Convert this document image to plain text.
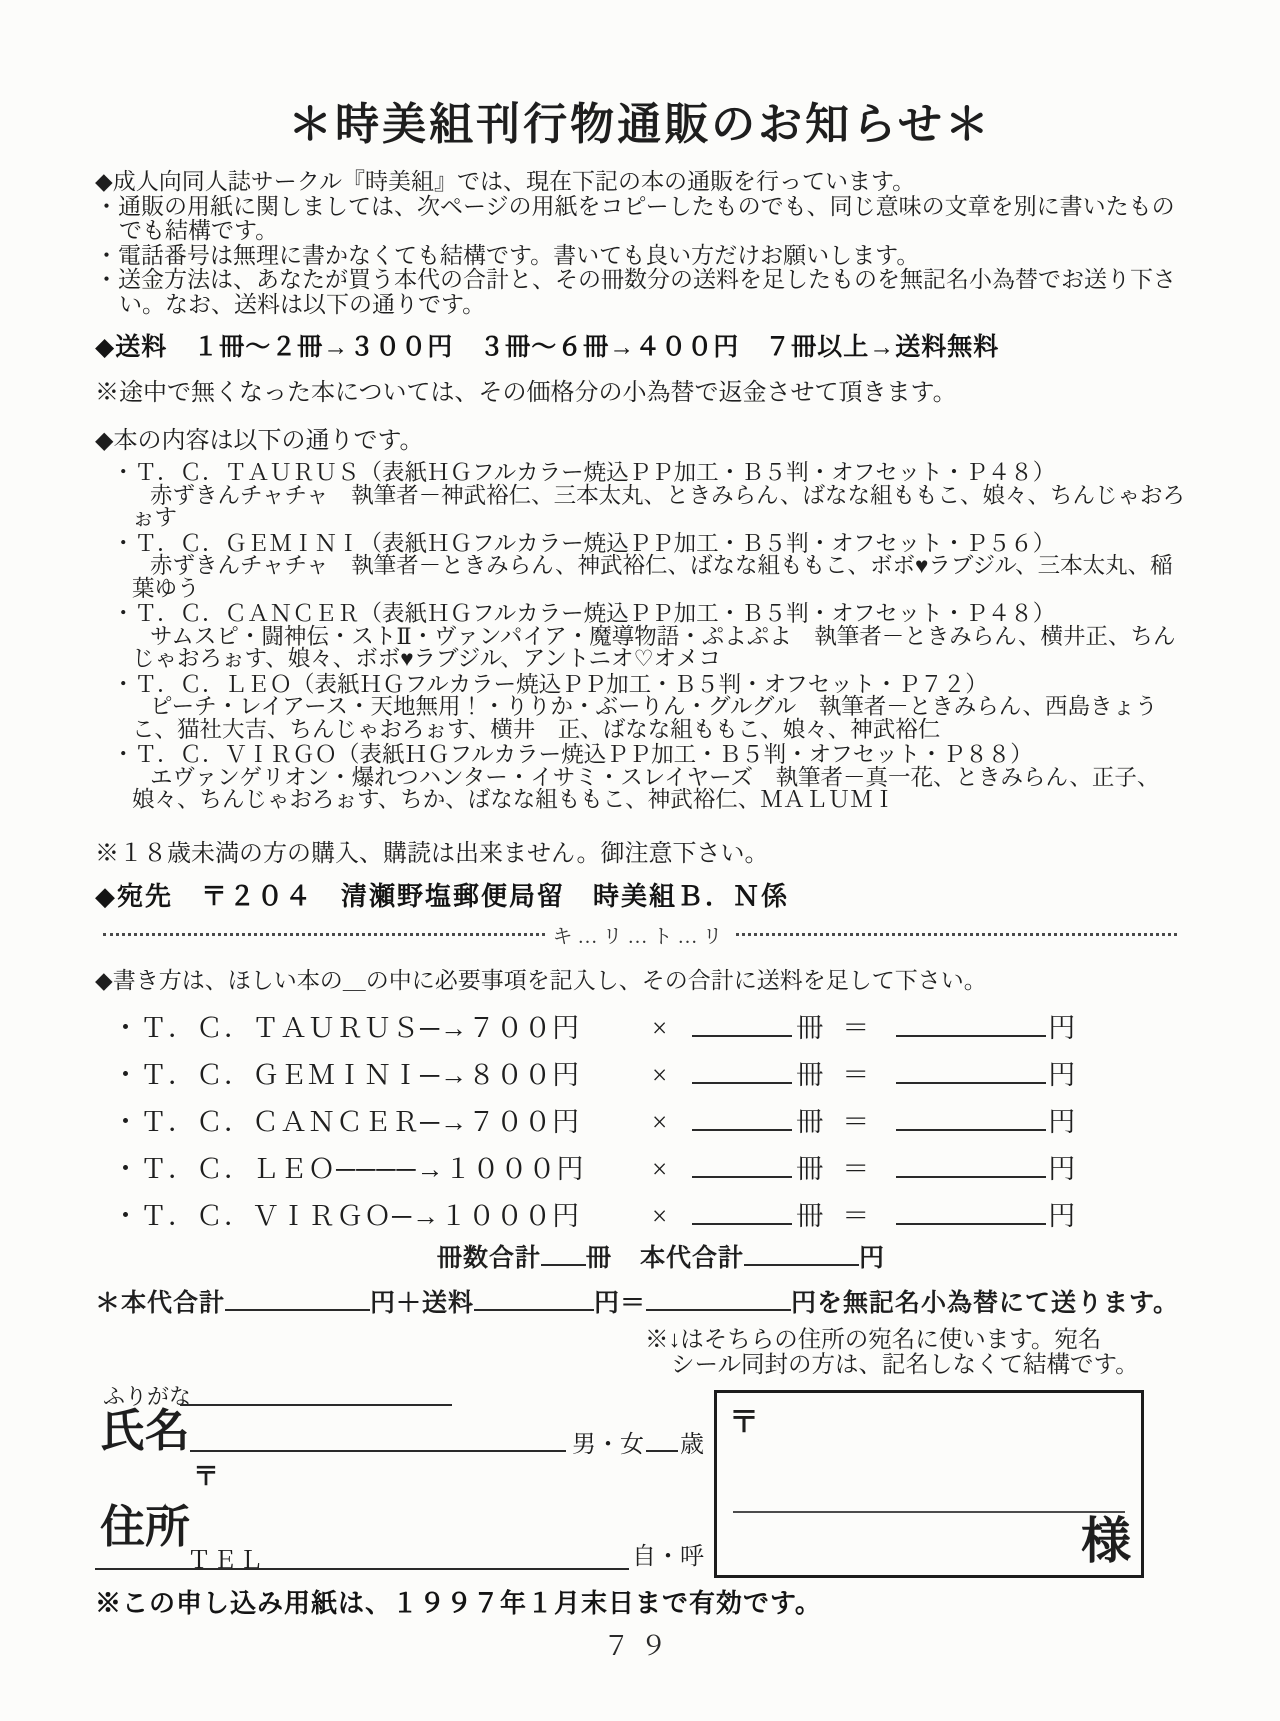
＊時美組刊行物通販のお知らせ＊
◆成人向同人誌サークル『時美組』では、現在下記の本の通販を行っています。
・通販の用紙に関しましては、次ページの用紙をコピーしたものでも、同じ意味の文章を別に書いたものでも結構です。
・電話番号は無理に書かなくても結構です。書いても良い方だけお願いします。
・送金方法は、あなたが買う本代の合計と、その冊数分の送料を足したものを無記名小為替でお送り下さい。なお、送料は以下の通りです。
◆送料　１冊～２冊→３００円　３冊～６冊→４００円　７冊以上→送料無料
※途中で無くなった本については、その価格分の小為替で返金させて頂きます。
◆本の内容は以下の通りです。
・Ｔ．Ｃ．ＴＡＵＲＵＳ（表紙ＨＧフルカラー焼込ＰＰ加工・Ｂ５判・オフセット・Ｐ４８）
赤ずきんチャチャ　執筆者－神武裕仁、三本太丸、ときみらん、ばなな組ももこ、娘々、ちんじゃおろぉす
・Ｔ．Ｃ．ＧＥＭＩＮＩ（表紙ＨＧフルカラー焼込ＰＰ加工・Ｂ５判・オフセット・Ｐ５６）
赤ずきんチャチャ　執筆者－ときみらん、神武裕仁、ばなな組ももこ、ボボ♥ラブジル、三本太丸、稲葉ゆう
・Ｔ．Ｃ．ＣＡＮＣＥＲ（表紙ＨＧフルカラー焼込ＰＰ加工・Ｂ５判・オフセット・Ｐ４８）
サムスピ・闘神伝・ストⅡ・ヴァンパイア・魔導物語・ぷよぷよ　執筆者－ときみらん、横井正、ちんじゃおろぉす、娘々、ボボ♥ラブジル、アントニオ♡オメコ
・Ｔ．Ｃ．ＬＥＯ（表紙ＨＧフルカラー焼込ＰＰ加工・Ｂ５判・オフセット・Ｐ７２）
ピーチ・レイアース・天地無用！・りりか・ぶーりん・グルグル　執筆者－ときみらん、西島きょうこ、猫社大吉、ちんじゃおろぉす、横井　正、ばなな組ももこ、娘々、神武裕仁
・Ｔ．Ｃ．ＶＩＲＧＯ（表紙ＨＧフルカラー焼込ＰＰ加工・Ｂ５判・オフセット・Ｐ８８）
エヴァンゲリオン・爆れつハンター・イサミ・スレイヤーズ　執筆者－真一花、ときみらん、正子、娘々、ちんじゃおろぉす、ちか、ばなな組ももこ、神武裕仁、ＭＡＬＵＭＩ
※１８歳未満の方の購入、購読は出来ません。御注意下さい。
◆宛先　〒２０４　清瀬野塩郵便局留　時美組Ｂ．Ｎ係
キ…リ…ト…リ
◆書き方は、ほしい本の＿の中に必要事項を記入し、その合計に送料を足して下さい。
・Ｔ．Ｃ．ＴＡＵＲＵＳ─→７００円	×	冊 ＝	円
・Ｔ．Ｃ．ＧＥＭＩＮＩ─→８００円	×	冊 ＝	円
・Ｔ．Ｃ．ＣＡＮＣＥＲ─→７００円	×	冊 ＝	円
・Ｔ．Ｃ．ＬＥＯ────→１０００円	×	冊 ＝	円
・Ｔ．Ｃ．ＶＩＲＧＯ─→１０００円	×	冊 ＝	円
冊数合計 冊 本代合計	円
＊本代合計	円＋送料	円＝	円を無記名小為替にて送ります。
※↓はそちらの住所の宛名に使います。宛名
シール同封の方は、記名しなくて結構です。
ふりがな
氏名	男・女 歳
〒
住所
ＴＥＬ	自・呼
〒
様
※この申し込み用紙は、１９９７年１月末日まで有効です。
７９
